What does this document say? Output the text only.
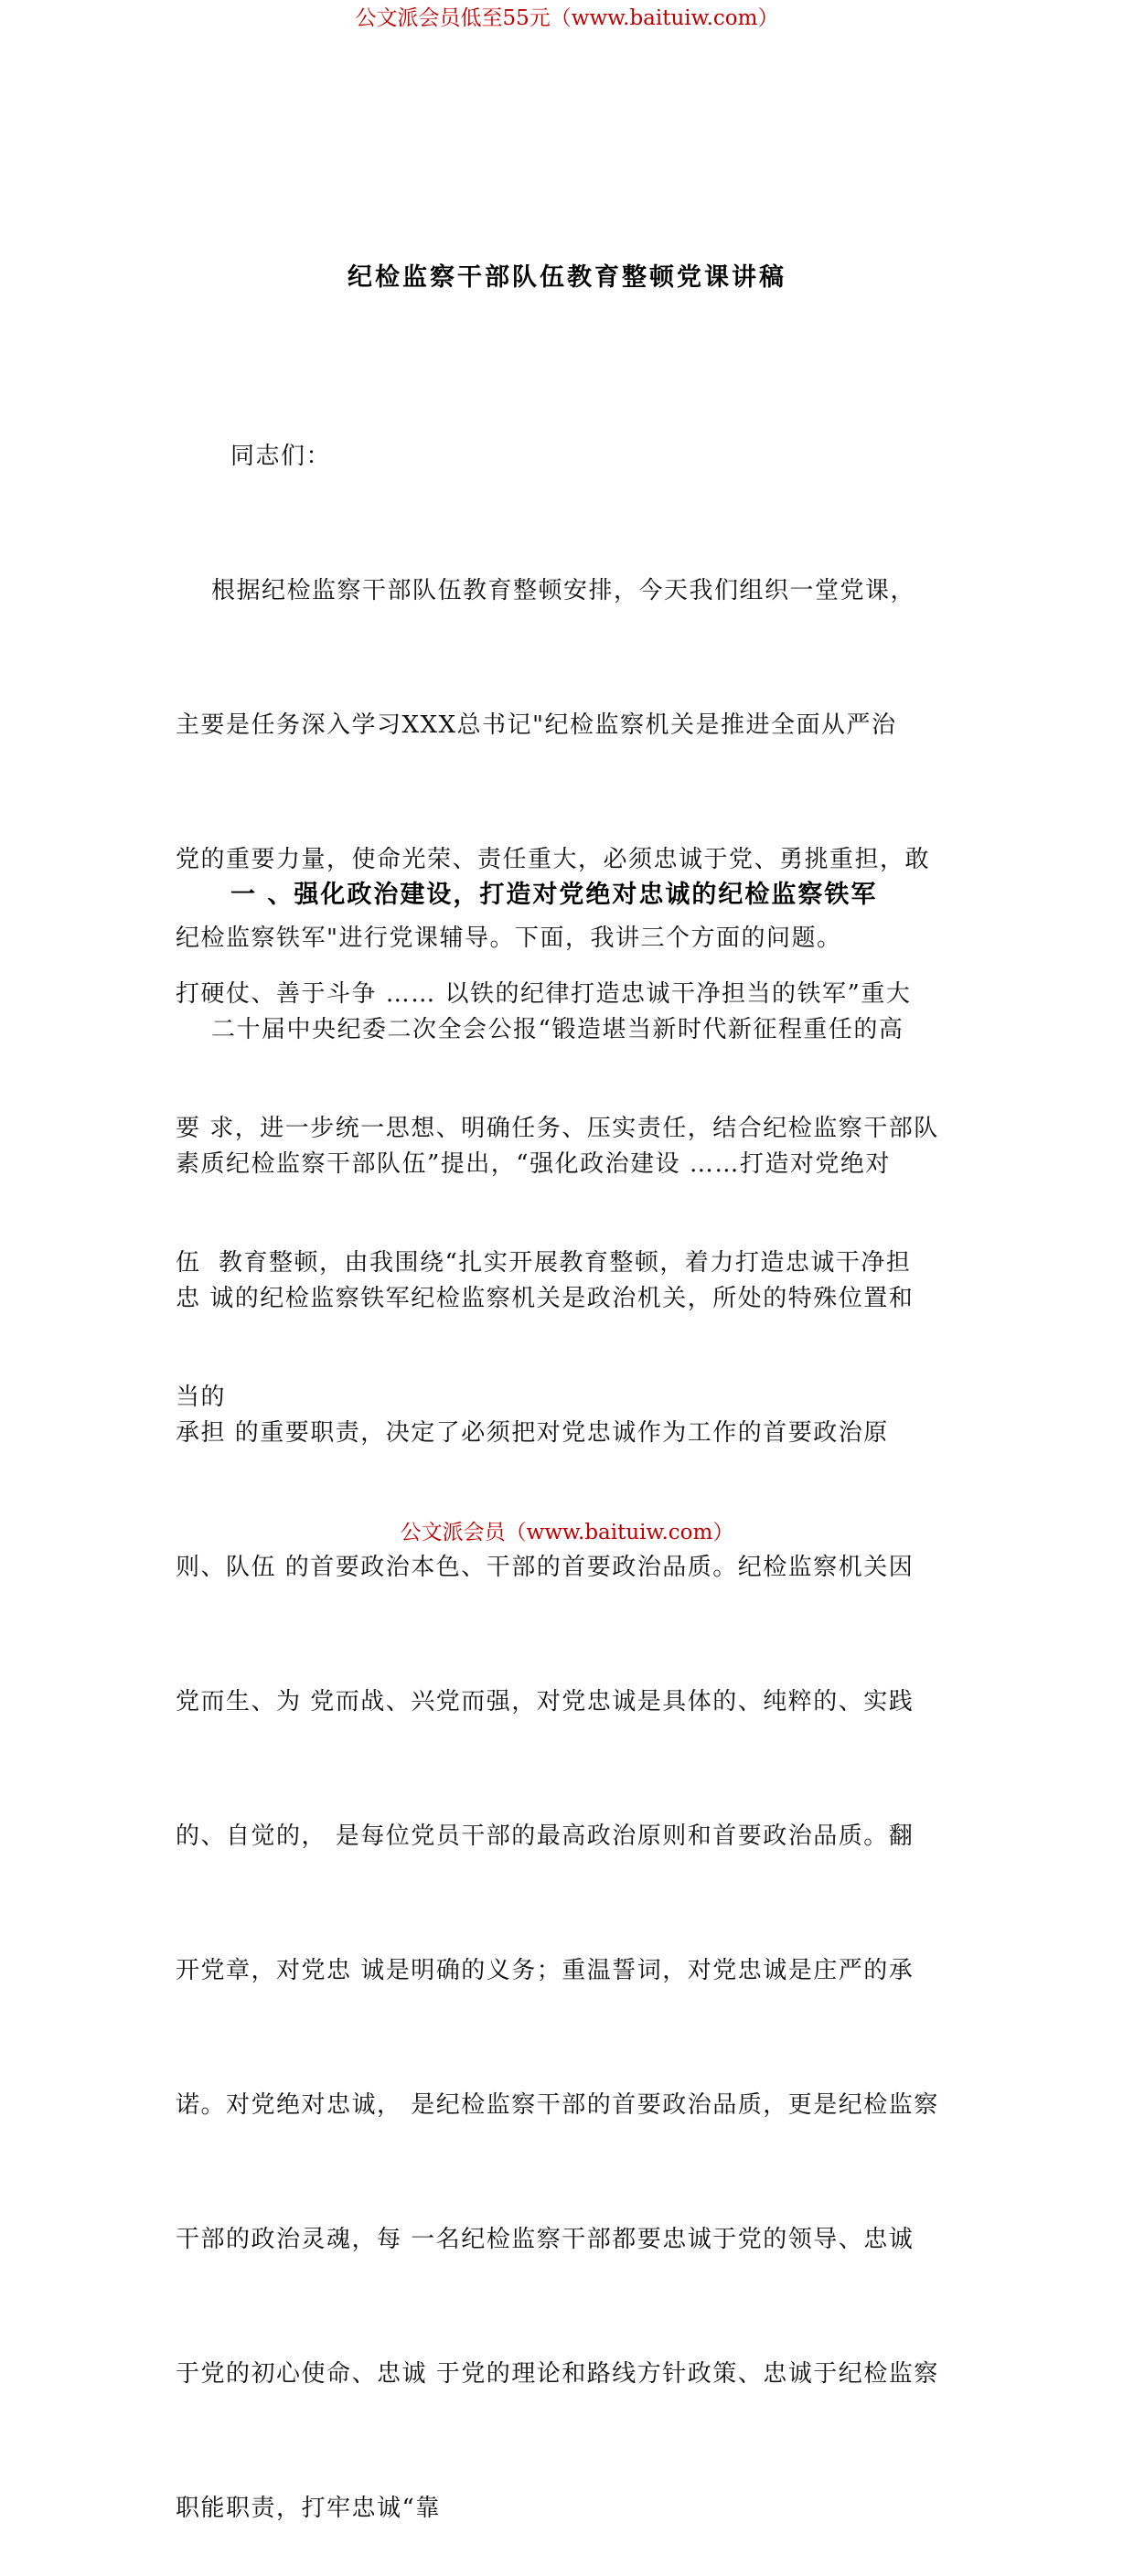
公文派会员低至55元（www.baituiw.com）
纪检监察干部队伍教育整顿党课讲稿
同志们：

根据纪检监察干部队伍教育整顿安排，今天我们组织一堂党课，

主要是任务深入学习XXX总书记"纪检监察机关是推进全面从严治

党的重要力量，使命光荣、责任重大，必须忠诚于党、勇挑重担，敢

打硬仗、善于斗争 …… 以铁的纪律打造忠诚干净担当的铁军”重大

要 求，进一步统一思想、明确任务、压实责任，结合纪检监察干部队

伍  教育整顿，由我围绕“扎实开展教育整顿，着力打造忠诚干净担

当的

纪检监察铁军"进行党课辅导。下面，我讲三个方面的问题。

一 、强化政治建设，打造对党绝对忠诚的纪检监察铁军

二十届中央纪委二次全会公报“锻造堪当新时代新征程重任的高

素质纪检监察干部队伍”提出，“强化政治建设 ……打造对党绝对

忠 诚的纪检监察铁军纪检监察机关是政治机关，所处的特殊位置和

承担 的重要职责，决定了必须把对党忠诚作为工作的首要政治原

则、队伍 的首要政治本色、干部的首要政治品质。纪检监察机关因

党而生、为 党而战、兴党而强，对党忠诚是具体的、纯粹的、实践

的、自觉的， 是每位党员干部的最高政治原则和首要政治品质。翻

开党章，对党忠 诚是明确的义务；重温誓词，对党忠诚是庄严的承

诺。对党绝对忠诚， 是纪检监察干部的首要政治品质，更是纪检监察

干部的政治灵魂，每 一名纪检监察干部都要忠诚于党的领导、忠诚

于党的初心使命、忠诚 于党的理论和路线方针政策、忠诚于纪检监察

职能职责，打牢忠诚“靠

公文派会员（www.baituiw.com）
